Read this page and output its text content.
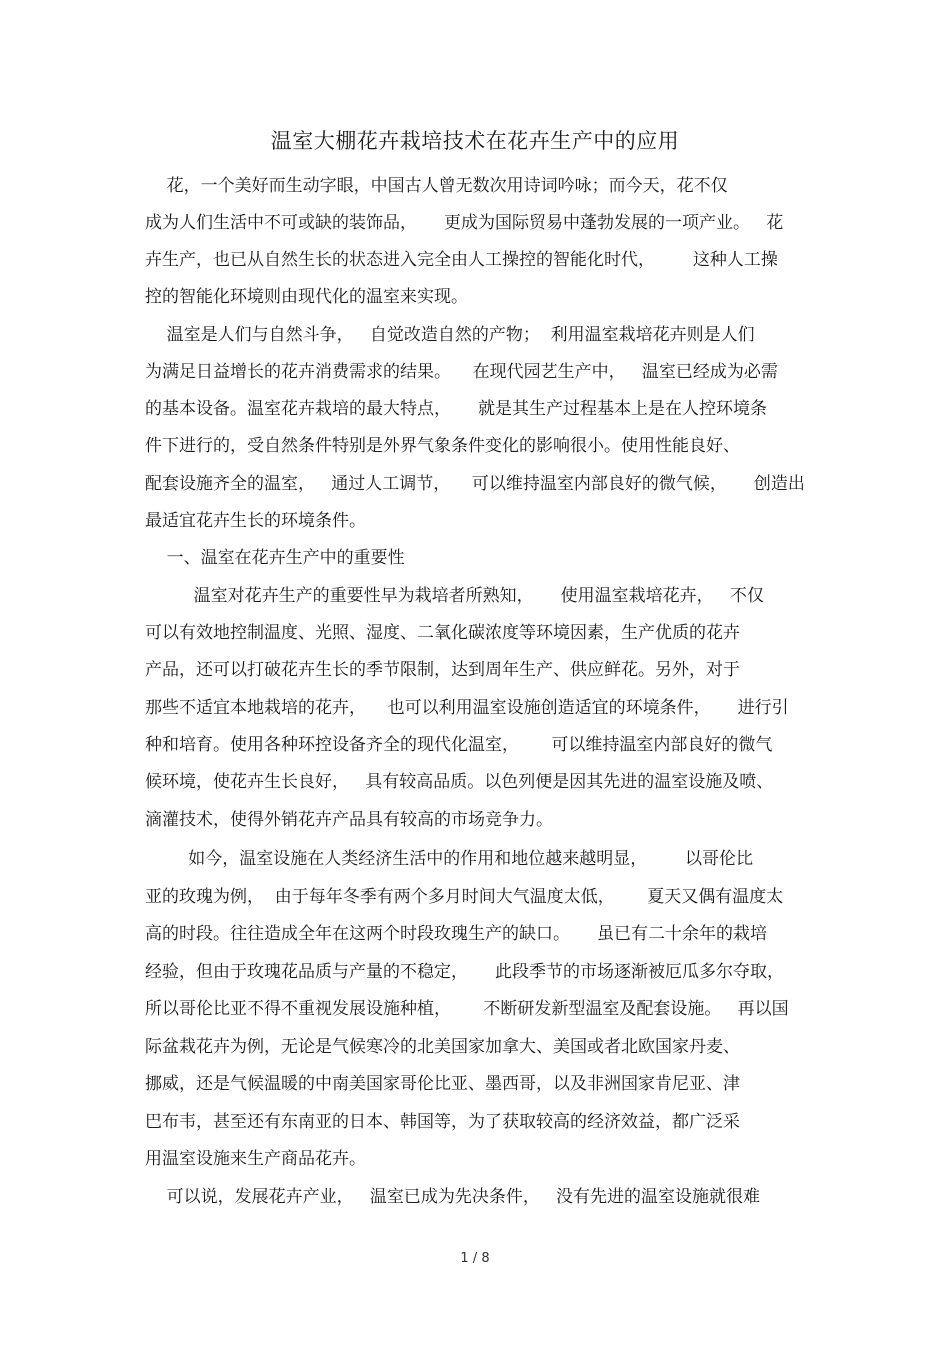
温室大棚花卉栽培技术在花卉生产中的应用
花，一个美好而生动字眼，中国古人曾无数次用诗词吟咏；而今天，花不仅
成为人们生活中不可或缺的装饰品，     更成为国际贸易中蓬勃发展的一项产业。   花
卉生产，也已从自然生长的状态进入完全由人工操控的智能化时代，       这种人工操
控的智能化环境则由现代化的温室来实现。
温室是人们与自然斗争，   自觉改造自然的产物；  利用温室栽培花卉则是人们
为满足日益增长的花卉消费需求的结果。    在现代园艺生产中，   温室已经成为必需
的基本设备。温室花卉栽培的最大特点，     就是其生产过程基本上是在人控环境条
件下进行的，受自然条件特别是外界气象条件变化的影响很小。使用性能良好、
配套设施齐全的温室，   通过人工调节，    可以维持温室内部良好的微气候，     创造出
最适宜花卉生长的环境条件。
一、温室在花卉生产中的重要性
温室对花卉生产的重要性早为栽培者所熟知，     使用温室栽培花卉，   不仅
可以有效地控制温度、光照、湿度、二氧化碳浓度等环境因素，生产优质的花卉
产品，还可以打破花卉生长的季节限制，达到周年生产、供应鲜花。另外，对于
那些不适宜本地栽培的花卉，    也可以利用温室设施创造适宜的环境条件，     进行引
种和培育。使用各种环控设备齐全的现代化温室，      可以维持温室内部良好的微气
候环境，使花卉生长良好，   具有较高品质。以色列便是因其先进的温室设施及喷、
滴灌技术，使得外销花卉产品具有较高的市场竞争力。
如今，温室设施在人类经济生活中的作用和地位越来越明显，       以哥伦比
亚的玫瑰为例，  由于每年冬季有两个多月时间大气温度太低，      夏天又偶有温度太
高的时段。往往造成全年在这两个时段玫瑰生产的缺口。     虽已有二十余年的栽培
经验，但由于玫瑰花品质与产量的不稳定，     此段季节的市场逐渐被厄瓜多尔夺取，
所以哥伦比亚不得不重视发展设施种植，      不断研发新型温室及配套设施。   再以国
际盆栽花卉为例，无论是气候寒冷的北美国家加拿大、美国或者北欧国家丹麦、
挪威，还是气候温暖的中南美国家哥伦比亚、墨西哥，以及非洲国家肯尼亚、津
巴布韦，甚至还有东南亚的日本、韩国等，为了获取较高的经济效益，都广泛采
用温室设施来生产商品花卉。
可以说，发展花卉产业，   温室已成为先决条件，   没有先进的温室设施就很难
1 / 8
